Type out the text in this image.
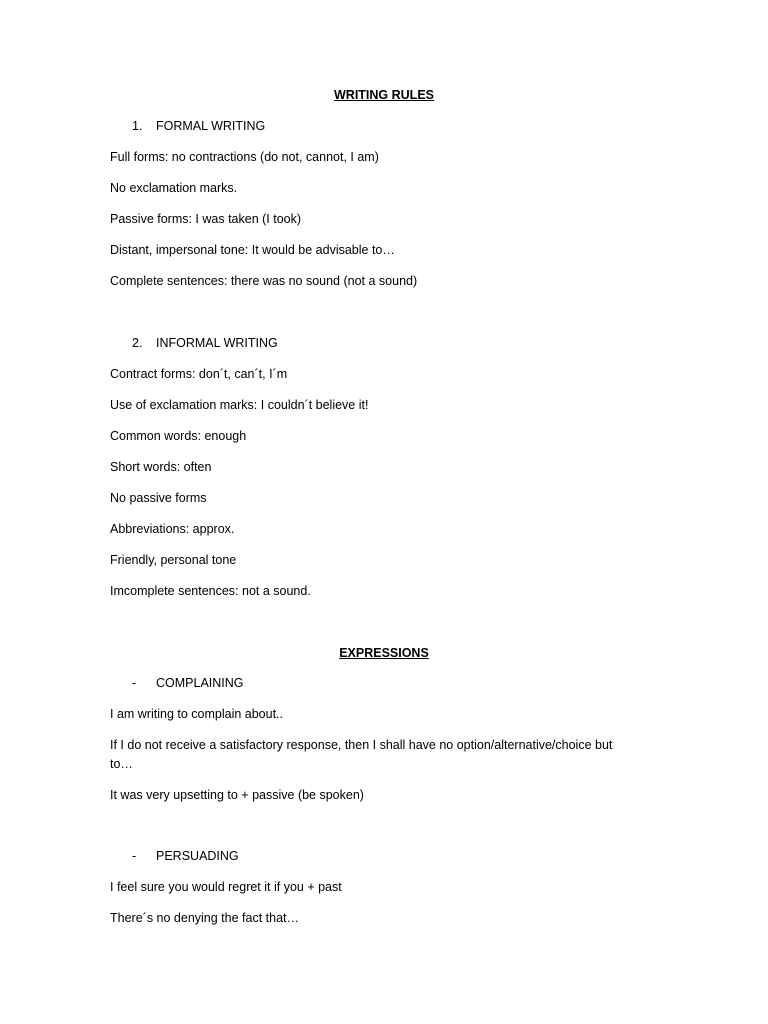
WRITING RULES
1. FORMAL WRITING
Full forms: no contractions (do not, cannot, I am)
No exclamation marks.
Passive forms: I was taken (I took)
Distant, impersonal tone: It would be advisable to…
Complete sentences: there was no sound (not a sound)
2. INFORMAL WRITING
Contract forms: don´t, can´t, I´m
Use of exclamation marks: I couldn´t believe it!
Common words: enough
Short words: often
No passive forms
Abbreviations: approx.
Friendly, personal tone
Imcomplete sentences: not a sound.
EXPRESSIONS
- COMPLAINING
I am writing to complain about..
If I do not receive a satisfactory response, then I shall have no option/alternative/choice but
to…
It was very upsetting to + passive (be spoken)
- PERSUADING
I feel sure you would regret it if you + past
There´s no denying the fact that…
